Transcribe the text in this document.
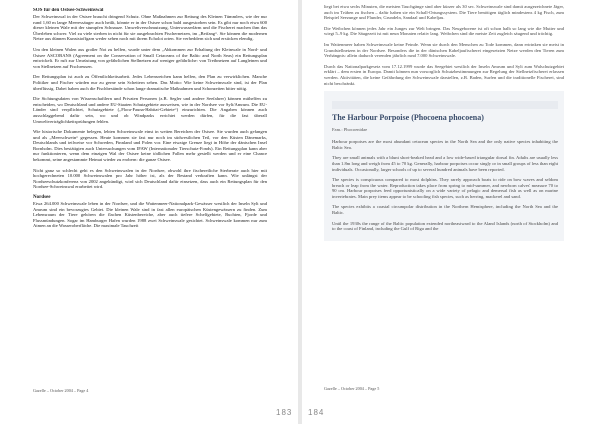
SOS für den Ostsee-Schweinswal

Der Schweinswal in der Ostsee braucht dringend Schutz. Ohne Maßnahmen zur Rettung des Kleinen Tümmlers, wie der nur rund 1,60 m lange Meeressäuger auch heißt, könnte er in der Ostsee schon bald ausgestorben sein. Es gibt nur noch etwa 600 dieser kleinen Wale mit der stumpfen Schnauze. Umweltverschmutzung, Unterwasserlärm und die Fischerei machen ihm das Überleben schwer. Viel zu viele sterben in nicht für sie ausgebrachten Fischernetzen, im „Beifang“. Sie können die modernen Netze aus dünnen Kunststoffgarn weder sehen noch mit ihrem Echolot orten. Sie verheddern sich und ersticken elendig.

Um den kleinen Walen aus großer Not zu helfen, wurde unter dem „Abkommen zur Erhaltung der Kleinwale in Nord- und Ostsee ASCOBANS (Agreement on the Conservation of Small Cetaceans of the Baltic and North Seas) ein Rettungsplan entwickelt. Er ruft zur Umrüstung von gefährlichen Stellnetzen auf weniger gefährliche: von Treibnetzen auf Langleinen und von Stellnetzen auf Fischreusen.

Der Rettungsplan ist auch zu Öffentlichkeitsarbeit. Jedes Lebensreichen kann helfen, den Plan zu verwirklichen. Manche Politiker und Fischer würden nur zu gerne sein Scheitern sehen. Das Motto: Wie keine Schweinswale sind, ist der Plan überflüssig. Dabei haben auch die Fischbestände schon lange dramatische Maßnahmen und Schonzeiten bitter nötig.

Die Sichtungsdaten von Wissenschaftlern und Privaten Personen (z.B. Segler und andere Seefahrer) können mithelfen zu entscheiden, wo Deutschland und andere EU-Staaten Schutzgebiete ausweisen, wie in der Nordsee vor Sylt/Amrum. Die EU-Länder sind verpflichtet, Schutzgebiete („Flora-Fauna-Habitat-Gebiete“) einzurichten. Die Angaben können auch ausschlaggebend dafür sein, wo und ob Windparks errichtet werden dürfen, für die fast überall Umweltverträglichkeitsprüfungen fehlen.

Wie historische Dokumente belegen, lebten Schweinswale einst in weiten Bereichen der Ostsee. Sie wurden auch gefangen und als „Meerschwein“ gegessen. Heute kommen sie fast nur noch im südwestlichen Teil, vor den Küsten Dänemarks, Deutschlands und teilweise vor Schweden, Finnland und Polen vor. Eine etwaige Grenze liegt in Höhe der dänischen Insel Bornholm. Dies bestätigten auch Untersuchungen vom IFAW (Internationaler Tierschutz-Fonds). Ein Rettungsplan kann aber nur funktionieren, wenn dem einzigen Wal der Ostsee keine tödlichen Fallen mehr gestellt werden und er eine Chance bekommt, seine angestammte Heimat wieder zu erobern: die ganze Ostsee.

Nicht ganz so schlecht geht es den Schweinswalen in der Nordsee, obwohl ihre fischereiliche Sterberate auch hier mit hochgerechneten 10.000 Schweinswalen pro Jahr höher ist, als der Bestand verkraften kann. Wie unlängst der Nordseeschutzkonferenz von 2002 angekündigt, wird sich Deutschland dafür einsetzen, dass auch ein Rettungsplan für den Nordsee-Schweinswal erarbeitet wird.

Nordsee

Etwa 264.000 Schweinswale leben in der Nordsee, und die Wattenmeer-Nationalpark-Gewässer westlich der Inseln Sylt und Amrum sind ein bevorzugtes Gebiet. Die kleinen Wale sind in fast allen europäischen Küstengewässern zu finden. Zum Lebensraum der Tiere gehören die flachen Küstenbereiche, aber auch tiefere Schelfgebiete, Buchten, Fjorde und Flussmündungen. Sogar im Hamburger Hafen wurden 1988 zwei Schweinswale gesichtet. Schweinswale kommen nur zum Atmen an die Wasseroberfläche. Die maximale Tauchzeit

Gazelle – October 2004 – Page 4
183

liegt bei etwa sechs Minuten, die meisten Tauchgänge sind aber kürzer als 30 sec. Schweinswale sind damit ausgezeichnete Jäger, auch im Trüben zu fischen – dafür haben sie ein Schall-Ortungssystem. Die Tiere benötigen täglich mindestens 4 kg Fisch, zum Beispiel Seezunge und Flunder, Grundeln, Sandaal und Kabeljau.

Die Weibchen können jedes Jahr ein Junges zur Welt bringen. Das Neugeborene ist oft schon halb so lang wie die Mutter und wiegt 5–9 kg. Die Säugezeit ist mit neun Monaten relativ lang. Weibchen sind die meiste Zeit zugleich säugend und trächtig.

Im Wattenmeer haben Schweinswale keine Feinde. Wenn sie durch den Menschen zu Tode kommen, dann ertrinken sie meist in Grundstellnetzen in der Nordsee. Besonders die in der dänischen Kabeljaufischerei eingesetzten Netze werden den Tieren zum Verhängnis: allein dadurch verenden jährlich rund 7.000 Schweinswale.

Durch das Nationalparkgesetz vom 17.12.1999 wurde das Seegebiet westlich der Inseln Amrum und Sylt zum Walschutzgebiet erklärt – dem ersten in Europa. Damit können nun vorsorglich Schutzbestimmungen zur Regelung der Stellnetzfischerei erlassen werden. Aktivitäten, die keine Gefährdung der Schweinswale darstellen, z.B. Baden, Surfen und die traditionelle Fischerei, sind nicht beschränkt.

The Harbour Porpoise (Phocoena phocoena)
Fam.: Phocoenidae

Harbour porpoises are the most abundant cetacean species in the North Sea and the only native species inhabiting the Baltic Sea.

They are small animals with a blunt short-beaked head and a low wide-based triangular dorsal fin. Adults are usually less than 1.8m long and weigh from 45 to 70 kg. Generally, harbour porpoises occur singly or in small groups of less than eight individuals. Occasionally, larger schools of up to several hundred animals have been reported.

The species is conspicuous compared to most dolphins. They rarely approach boats to ride on bow waves and seldom breach or leap from the water. Reproduction takes place from spring to mid-summer, and newborn calves' measure 70 to 90 cm. Harbour porpoises feed opportunistically on a wide variety of pelagic and demersal fish as well as on marine invertebrates. Main prey items appear to be schooling fish species, such as herring, mackerel and sand.

The species exhibits a coastal circumpolar distribution in the Northern Hemisphere, including the North Sea and the Baltic.

Until the 1930s the range of the Baltic population extended northeastward to the Aland Islands (north of Stockholm) and to the coast of Finland, including the Gulf of Riga and the

Gazelle – October 2004 – Page 5
184
